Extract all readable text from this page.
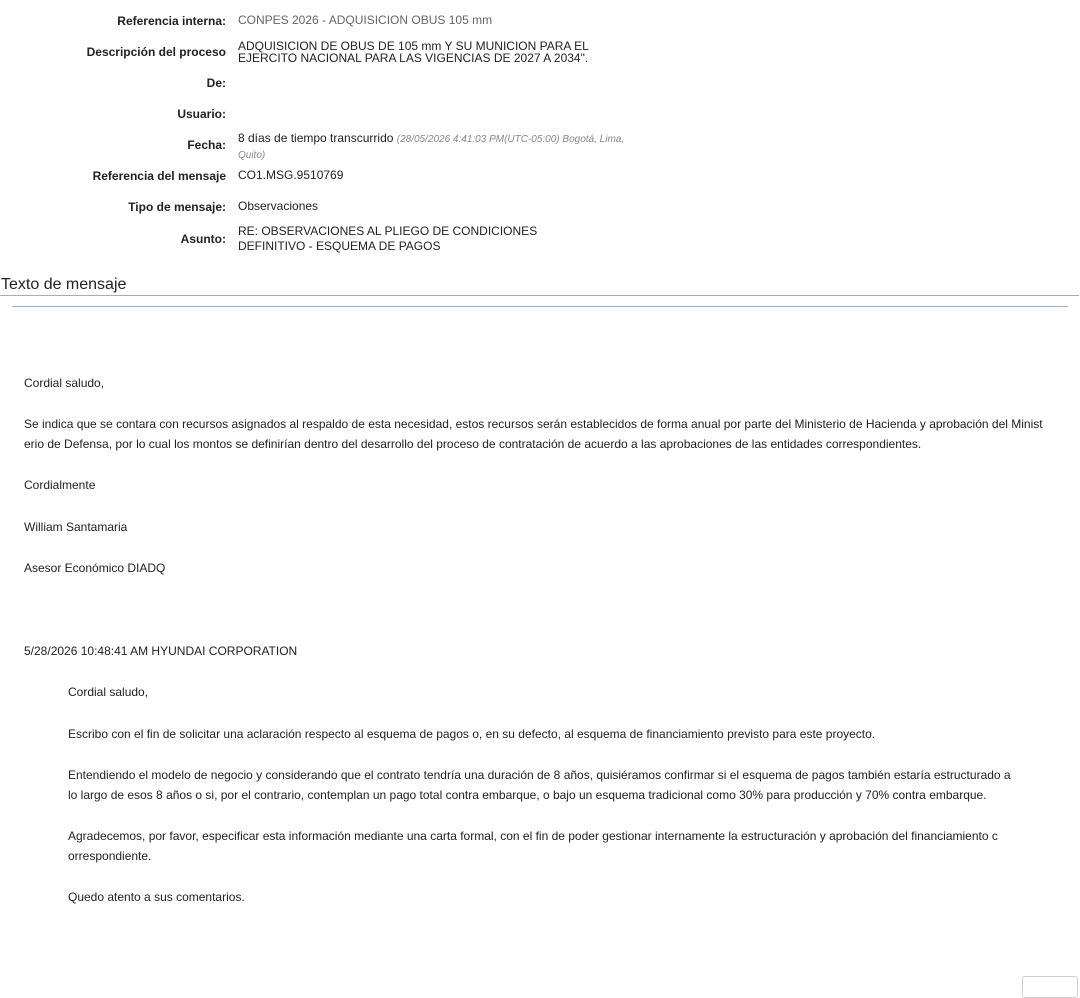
Referencia interna: CONPES 2026 - ADQUISICION OBUS 105 mm
Descripción del proceso ADQUISICION DE OBUS DE 105 mm Y SU MUNICION PARA EL EJERCITO NACIONAL PARA LAS VIGENCIAS DE 2027 A 2034".
De:
Usuario:
Fecha: 8 días de tiempo transcurrido (28/05/2026 4:41:03 PM(UTC-05:00) Bogotá, Lima, Quito)
Referencia del mensaje CO1.MSG.9510769
Tipo de mensaje: Observaciones
Asunto:
RE: OBSERVACIONES AL PLIEGO DE CONDICIONES DEFINITIVO - ESQUEMA DE PAGOS
Texto de mensaje
Cordial saludo,
Se indica que se contara con recursos asignados al respaldo de esta necesidad, estos recursos serán establecidos de forma anual por parte del Ministerio de Hacienda y aprobación del Minist erio de Defensa, por lo cual los montos se definirían dentro del desarrollo del proceso de contratación de acuerdo a las aprobaciones de las entidades correspondientes.
Cordialmente
William Santamaria
Asesor Económico DIADQ
5/28/2026 10:48:41 AM HYUNDAI CORPORATION
Cordial saludo,
Escribo con el fin de solicitar una aclaración respecto al esquema de pagos o, en su defecto, al esquema de financiamiento previsto para este proyecto.
Entendiendo el modelo de negocio y considerando que el contrato tendría una duración de 8 años, quisiéramos confirmar si el esquema de pagos también estaría estructurado a lo largo de esos 8 años o si, por el contrario, contemplan un pago total contra embarque, o bajo un esquema tradicional como 30% para producción y 70% contra embarque.
Agradecemos, por favor, especificar esta información mediante una carta formal, con el fin de poder gestionar internamente la estructuración y aprobación del financiamiento c orrespondiente.
Quedo atento a sus comentarios.
